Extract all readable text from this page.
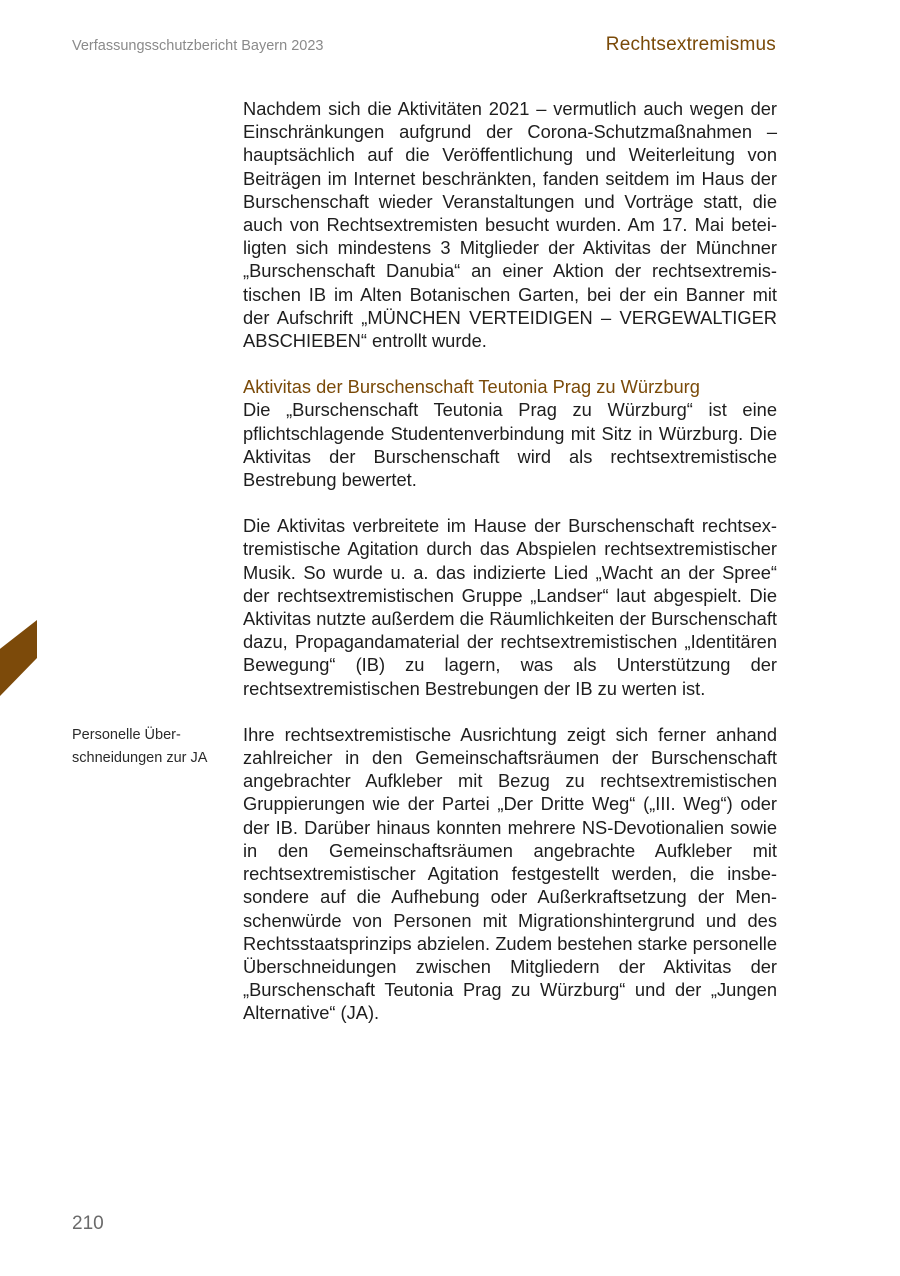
Verfassungsschutzbericht Bayern 2023	Rechtsextremismus

Nachdem sich die Aktivitäten 2021 – vermutlich auch wegen der Einschränkungen aufgrund der Corona-Schutzmaßnahmen – hauptsächlich auf die Veröffentlichung und Weiterleitung von Beiträgen im Internet beschränkten, fanden seitdem im Haus der Burschenschaft wieder Veranstaltungen und Vorträge statt, die auch von Rechtsextremisten besucht wurden. Am 17. Mai beteiligten sich mindestens 3 Mitglieder der Aktivitas der Münchner „Burschenschaft Danubia“ an einer Aktion der rechtsextremistischen IB im Alten Botanischen Garten, bei der ein Banner mit der Aufschrift „MÜNCHEN VERTEIDIGEN – VERGEWALTIGER ABSCHIEBEN“ entrollt wurde.

Aktivitas der Burschenschaft Teutonia Prag zu Würzburg

Die „Burschenschaft Teutonia Prag zu Würzburg“ ist eine pflichtschlagende Studentenverbindung mit Sitz in Würzburg. Die Aktivitas der Burschenschaft wird als rechtsextremistische Bestrebung bewertet.

Die Aktivitas verbreitete im Hause der Burschenschaft rechtsextremistische Agitation durch das Abspielen rechtsextremistischer Musik. So wurde u. a. das indizierte Lied „Wacht an der Spree“ der rechtsextremistischen Gruppe „Landser“ laut abgespielt. Die Aktivitas nutzte außerdem die Räumlichkeiten der Burschenschaft dazu, Propagandamaterial der rechtsextremistischen „Identitären Bewegung“ (IB) zu lagern, was als Unterstützung der rechtsextremistischen Bestrebungen der IB zu werten ist.

Ihre rechtsextremistische Ausrichtung zeigt sich ferner anhand zahlreicher in den Gemeinschaftsräumen der Burschenschaft angebrachter Aufkleber mit Bezug zu rechtsextremistischen Gruppierungen wie der Partei „Der Dritte Weg“ („III. Weg“) oder der IB. Darüber hinaus konnten mehrere NS-Devotionalien sowie in den Gemeinschaftsräumen angebrachte Aufkleber mit rechtsextremistischer Agitation festgestellt werden, die insbesondere auf die Aufhebung oder Außerkraftsetzung der Menschenwürde von Personen mit Migrationshintergrund und des Rechtsstaatsprinzips abzielen. Zudem bestehen starke personelle Überschneidungen zwischen Mitgliedern der Aktivitas der „Burschenschaft Teutonia Prag zu Würzburg“ und der „Jungen Alternative“ (JA).

Personelle Überschneidungen zur JA
210
